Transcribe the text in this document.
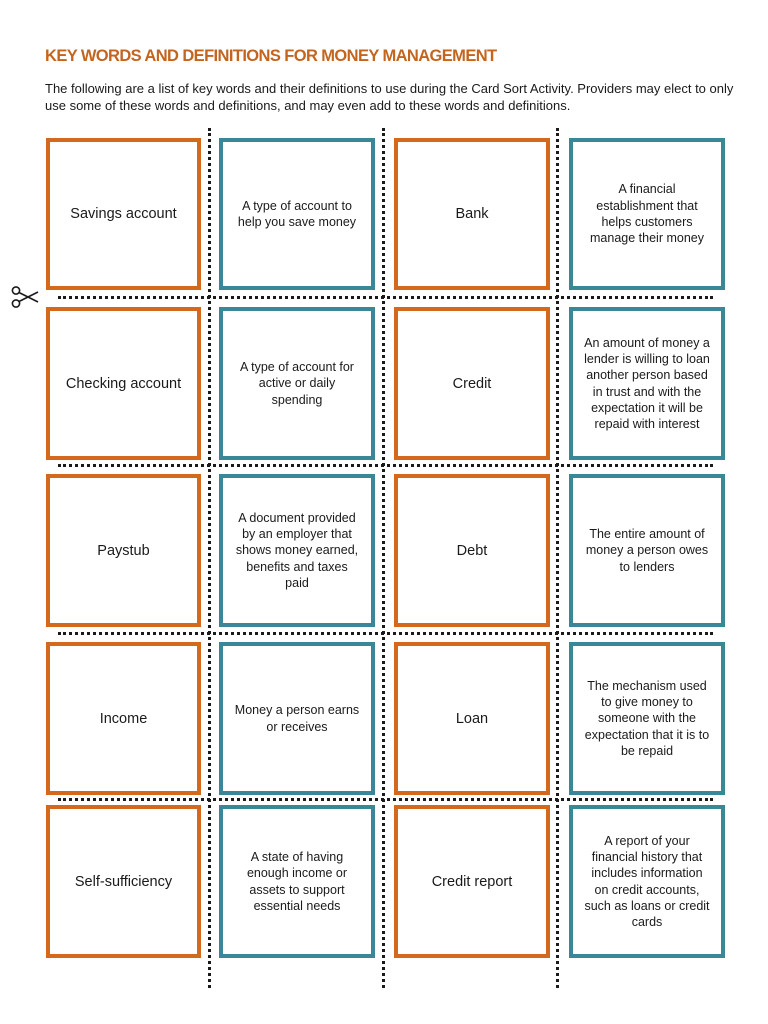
KEY WORDS AND DEFINITIONS FOR MONEY MANAGEMENT
The following are a list of key words and their definitions to use during the Card Sort Activity. Providers may elect to only use some of these words and definitions, and may even add to these words and definitions.
Savings account
A type of account to help you save money	Bank
A financial establishment that helps customers manage their money
Checking account
A type of account for active or daily spending
Credit
An amount of money a lender is willing to loan another person based in trust and with the expectation it will be repaid with interest
Paystub
A document provided by an employer that shows money earned, benefits and taxes paid
Debt
The entire amount of money a person owes to lenders
Income
Money a person earns or receives	Loan
The mechanism used to give money to someone with the expectation that it is to be repaid
Self-sufficiency
A state of having enough income or assets to support essential needs
Credit report
A report of your financial history that includes information on credit accounts, such as loans or credit cards
